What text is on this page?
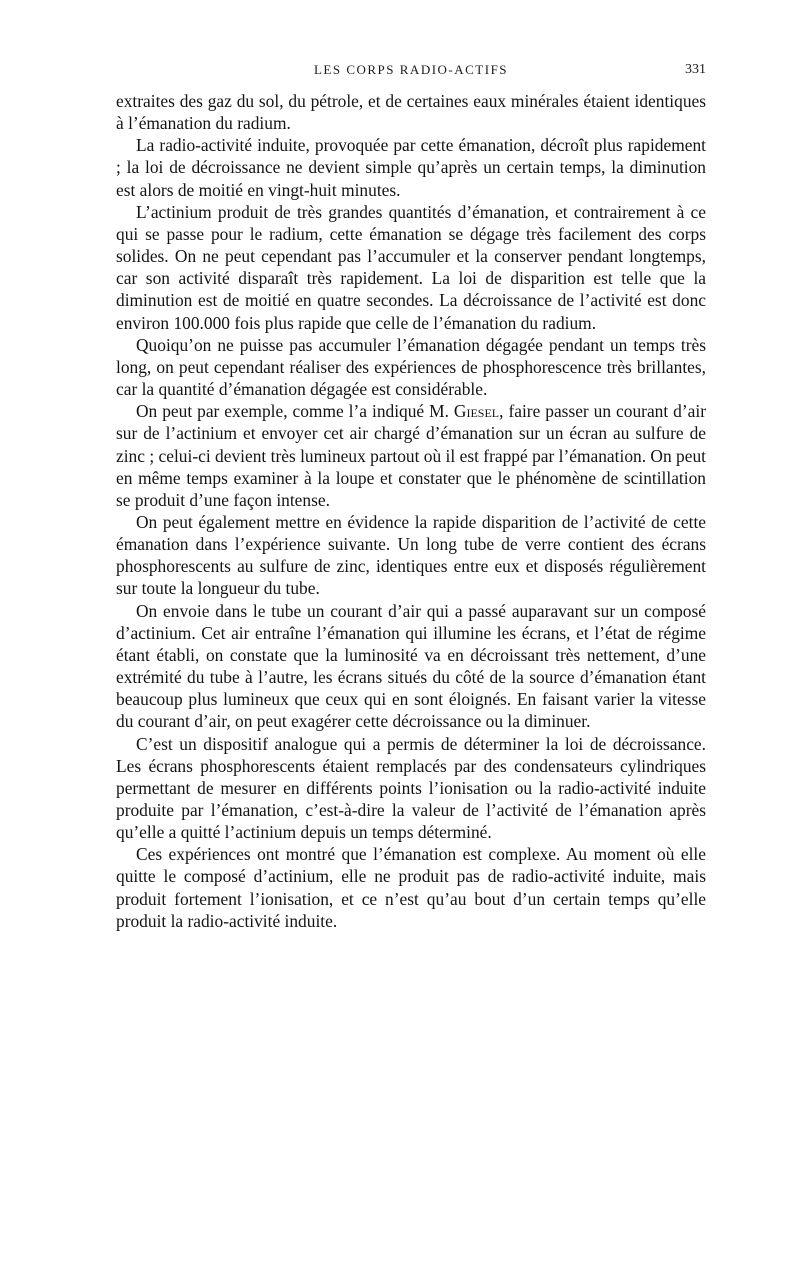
LES CORPS RADIO-ACTIFS	331

extraites des gaz du sol, du pétrole, et de certaines eaux minérales étaient identiques à l’émanation du radium.

La radio-activité induite, provoquée par cette émanation, décroît plus rapidement ; la loi de décroissance ne devient simple qu’après un certain temps, la diminution est alors de moitié en vingt-huit minutes.

L’actinium produit de très grandes quantités d’émanation, et contrairement à ce qui se passe pour le radium, cette émanation se dégage très facilement des corps solides. On ne peut cependant pas l’accumuler et la conserver pendant longtemps, car son activité disparaît très rapidement. La loi de disparition est telle que la diminution est de moitié en quatre secondes. La décroissance de l’activité est donc environ 100.000 fois plus rapide que celle de l’émanation du radium.

Quoiqu’on ne puisse pas accumuler l’émanation dégagée pendant un temps très long, on peut cependant réaliser des expériences de phosphorescence très brillantes, car la quantité d’émanation dégagée est considérable.

On peut par exemple, comme l’a indiqué M. Giesel, faire passer un courant d’air sur de l’actinium et envoyer cet air chargé d’émanation sur un écran au sulfure de zinc ; celui-ci devient très lumineux partout où il est frappé par l’émanation. On peut en même temps examiner à la loupe et constater que le phénomène de scintillation se produit d’une façon intense.

On peut également mettre en évidence la rapide disparition de l’activité de cette émanation dans l’expérience suivante. Un long tube de verre contient des écrans phosphorescents au sulfure de zinc, identiques entre eux et disposés régulièrement sur toute la longueur du tube.

On envoie dans le tube un courant d’air qui a passé auparavant sur un composé d’actinium. Cet air entraîne l’émanation qui illumine les écrans, et l’état de régime étant établi, on constate que la luminosité va en décroissant très nettement, d’une extrémité du tube à l’autre, les écrans situés du côté de la source d’émanation étant beaucoup plus lumineux que ceux qui en sont éloignés. En faisant varier la vitesse du courant d’air, on peut exagérer cette décroissance ou la diminuer.

C’est un dispositif analogue qui a permis de déterminer la loi de décroissance. Les écrans phosphorescents étaient remplacés par des condensateurs cylindriques permettant de mesurer en différents points l’ionisation ou la radio-activité induite produite par l’émanation, c’est-à-dire la valeur de l’activité de l’émanation après qu’elle a quitté l’actinium depuis un temps déterminé.

Ces expériences ont montré que l’émanation est complexe. Au moment où elle quitte le composé d’actinium, elle ne produit pas de radio-activité induite, mais produit fortement l’ionisation, et ce n’est qu’au bout d’un certain temps qu’elle produit la radio-activité induite.
